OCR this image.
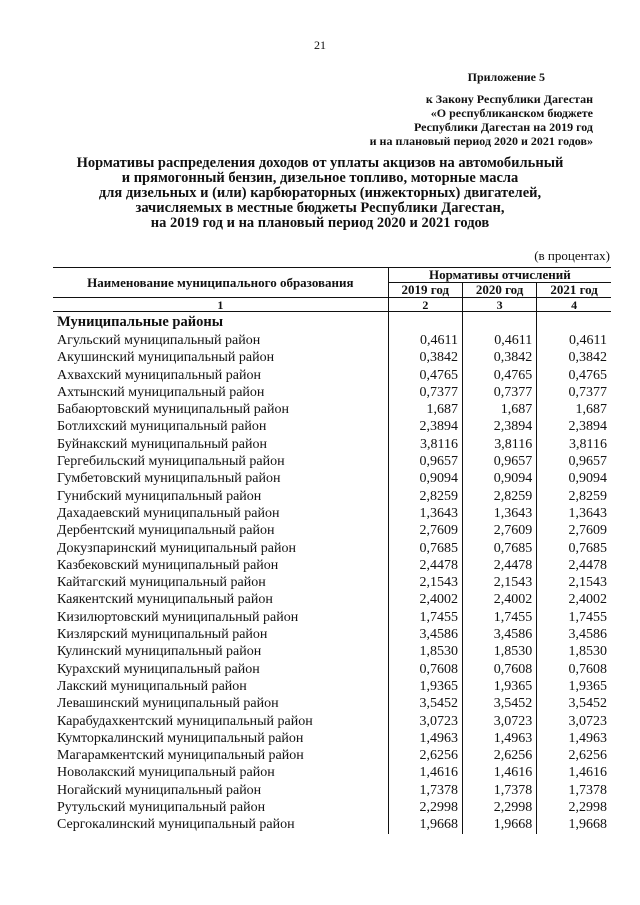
21
Приложение 5
к Закону Республики Дагестан
«О республиканском бюджете
Республики Дагестан на 2019 год
и на плановый период 2020 и 2021 годов»
Нормативы распределения доходов от уплаты акцизов на автомобильный
и прямогонный бензин, дизельное топливо, моторные масла
для дизельных и (или) карбюраторных (инжекторных) двигателей,
зачисляемых в местные бюджеты Республики Дагестан,
на 2019 год и на плановый период 2020 и 2021 годов
(в процентах)
Наименование муниципального образования	Нормативы отчислений		
	2019 год	2020 год	2021 год
1	2	3	4
Муниципальные районы			
Агульский муниципальный район	0,4611	0,4611	0,4611
Акушинский муниципальный район	0,3842	0,3842	0,3842
Ахвахский муниципальный район	0,4765	0,4765	0,4765
Ахтынский муниципальный район	0,7377	0,7377	0,7377
Бабаюртовский муниципальный район	1,687	1,687	1,687
Ботлихский муниципальный район	2,3894	2,3894	2,3894
Буйнакский муниципальный район	3,8116	3,8116	3,8116
Гергебильский муниципальный район	0,9657	0,9657	0,9657
Гумбетовский муниципальный район	0,9094	0,9094	0,9094
Гунибский муниципальный район	2,8259	2,8259	2,8259
Дахадаевский муниципальный район	1,3643	1,3643	1,3643
Дербентский муниципальный район	2,7609	2,7609	2,7609
Докузпаринский муниципальный район	0,7685	0,7685	0,7685
Казбековский муниципальный район	2,4478	2,4478	2,4478
Кайтагский муниципальный район	2,1543	2,1543	2,1543
Каякентский муниципальный район	2,4002	2,4002	2,4002
Кизилюртовский муниципальный район	1,7455	1,7455	1,7455
Кизлярский муниципальный район	3,4586	3,4586	3,4586
Кулинский муниципальный район	1,8530	1,8530	1,8530
Курахский муниципальный район	0,7608	0,7608	0,7608
Лакский муниципальный район	1,9365	1,9365	1,9365
Левашинский муниципальный район	3,5452	3,5452	3,5452
Карабудахкентский муниципальный район	3,0723	3,0723	3,0723
Кумторкалинский муниципальный район	1,4963	1,4963	1,4963
Магарамкентский муниципальный район	2,6256	2,6256	2,6256
Новолакский муниципальный район	1,4616	1,4616	1,4616
Ногайский муниципальный район	1,7378	1,7378	1,7378
Рутульский муниципальный район	2,2998	2,2998	2,2998
Сергокалинский муниципальный район	1,9668	1,9668	1,9668
